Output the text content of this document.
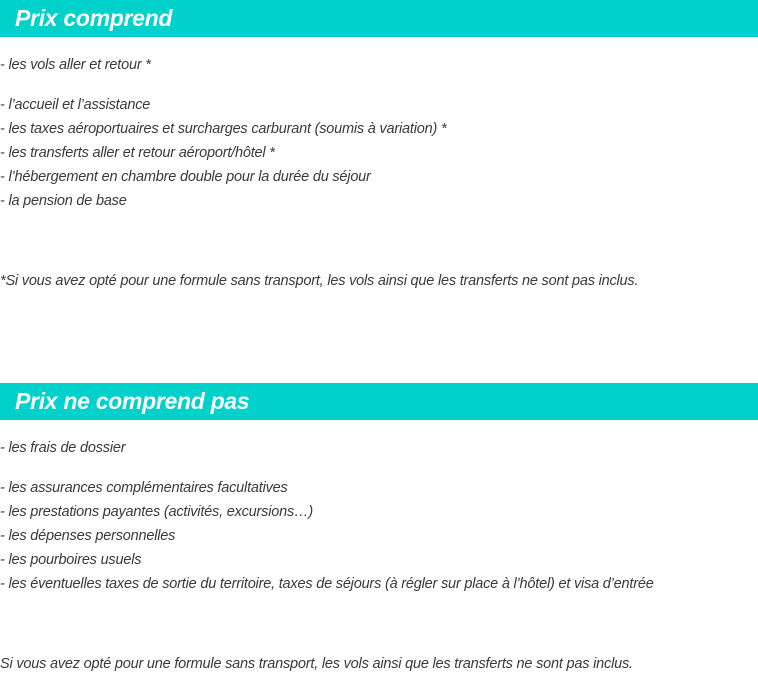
Prix comprend

- les vols aller et retour *

- l’accueil et l’assistance

- les taxes aéroportuaires et surcharges carburant (soumis à variation) *

- les transferts aller et retour aéroport/hôtel *

- l’hébergement en chambre double pour la durée du séjour

- la pension de base

*Si vous avez opté pour une formule sans transport, les vols ainsi que les transferts ne sont pas inclus.

Prix ne comprend pas

- les frais de dossier

- les assurances complémentaires facultatives

- les prestations payantes (activités, excursions…)

- les dépenses personnelles

- les pourboires usuels

- les éventuelles taxes de sortie du territoire, taxes de séjours (à régler sur place à l’hôtel) et visa d’entrée

Si vous avez opté pour une formule sans transport, les vols ainsi que les transferts ne sont pas inclus.
